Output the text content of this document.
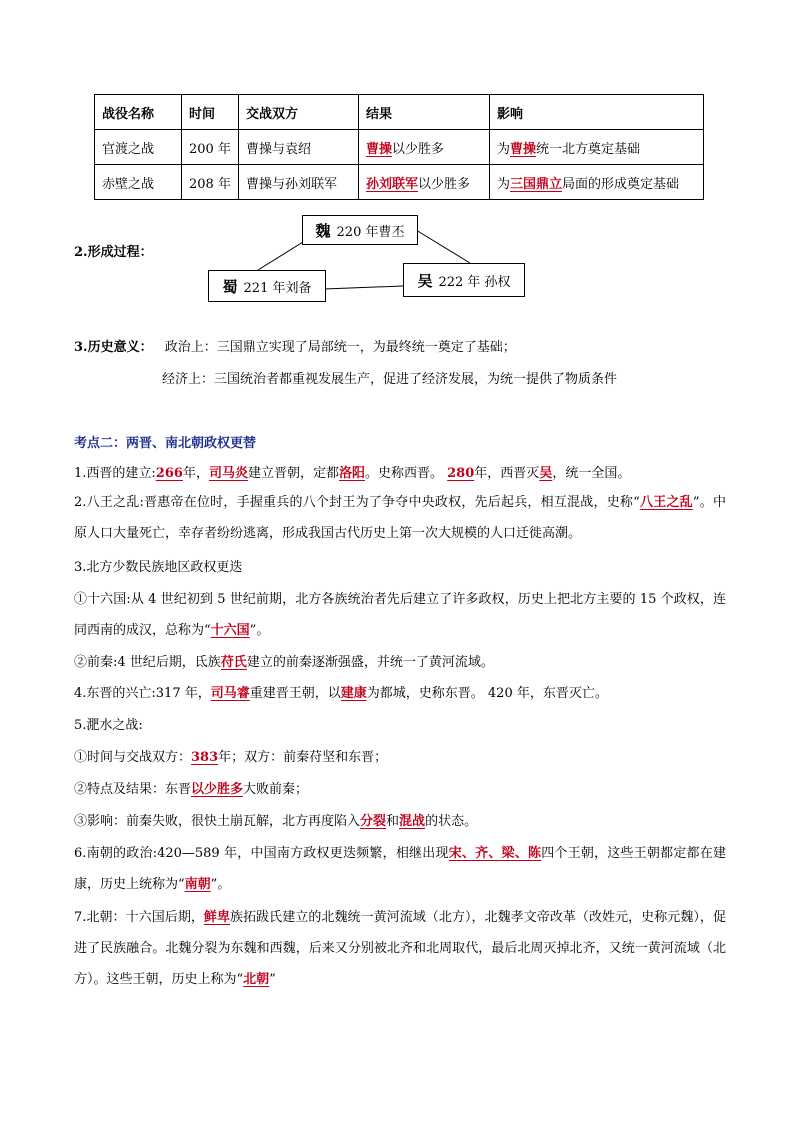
战役名称	时间	交战双方	结果	影响
官渡之战	200 年	曹操与袁绍	曹操以少胜多	为曹操统一北方奠定基础
赤壁之战	208 年	曹操与孙刘联军	孙刘联军以少胜多	为三国鼎立局面的形成奠定基础
2.形成过程：
魏 220 年曹丕
蜀 221 年刘备	吴 222 年 孙权
3.历史意义： 政治上：三国鼎立实现了局部统一，为最终统一奠定了基础；
经济上：三国统治者都重视发展生产，促进了经济发展，为统一提供了物质条件
考点二：两晋、南北朝政权更替
1.西晋的建立:266年，司马炎建立晋朝，定都洛阳。史称西晋。 280年，西晋灭吴，统一全国。
2.八王之乱:晋惠帝在位时，手握重兵的八个封王为了争夺中央政权，先后起兵，相互混战，史称“八王之乱”。中原人口大量死亡，幸存者纷纷逃离，形成我国古代历史上第一次大规模的人口迁徙高潮。
3.北方少数民族地区政权更迭
①十六国:从 4 世纪初到 5 世纪前期，北方各族统治者先后建立了许多政权，历史上把北方主要的 15 个政权，连同西南的成汉，总称为“十六国”。
②前秦:4 世纪后期，氐族苻氏建立的前秦逐渐强盛，并统一了黄河流域。
4.东晋的兴亡:317 年，司马睿重建晋王朝，以建康为都城，史称东晋。 420 年，东晋灭亡。
5.淝水之战:
①时间与交战双方：383年；双方：前秦苻坚和东晋；
②特点及结果：东晋以少胜多大败前秦；
③影响：前秦失败，很快土崩瓦解，北方再度陷入分裂和混战的状态。
6.南朝的政治:420—589 年，中国南方政权更迭频繁，相继出现宋、齐、梁、陈四个王朝，这些王朝都定都在建康，历史上统称为“南朝”。
7.北朝：十六国后期，鲜卑族拓跋氏建立的北魏统一黄河流域（北方），北魏孝文帝改革（改姓元，史称元魏），促进了民族融合。北魏分裂为东魏和西魏，后来又分别被北齐和北周取代，最后北周灭掉北齐，又统一黄河流域（北方）。这些王朝，历史上称为“北朝”
